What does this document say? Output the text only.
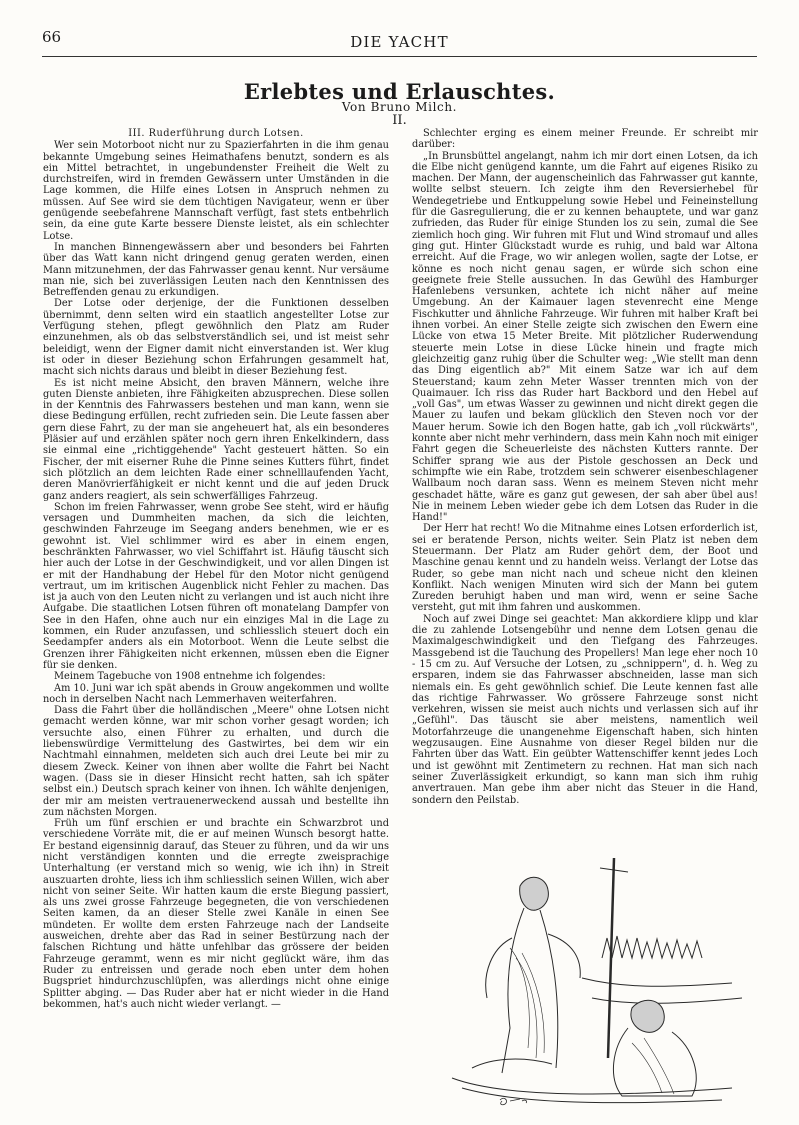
66	DIE YACHT
Erlebtes und Erlauschtes.
Von Bruno Milch.
II.

III. Ruderführung durch Lotsen.

Wer sein Motorboot nicht nur zu Spazierfahrten in die ihm genau bekannte Umgebung seines Heimathafens benutzt, sondern es als ein Mittel betrachtet, in ungebundenster Freiheit die Welt zu durchstreifen, wird in fremden Gewässern unter Umständen in die Lage kommen, die Hilfe eines Lotsen in Anspruch nehmen zu müssen. Auf See wird sie dem tüchtigen Navigateur, wenn er über genügende seebefahrene Mannschaft verfügt, fast stets entbehrlich sein, da eine gute Karte bessere Dienste leistet, als ein schlechter Lotse.

In manchen Binnengewässern aber und besonders bei Fahrten über das Watt kann nicht dringend genug geraten werden, einen Mann mitzunehmen, der das Fahrwasser genau kennt. Nur versäume man nie, sich bei zuverlässigen Leuten nach den Kenntnissen des Betreffenden genau zu erkundigen.

Der Lotse oder derjenige, der die Funktionen desselben übernimmt, denn selten wird ein staatlich angestellter Lotse zur Verfügung stehen, pflegt gewöhnlich den Platz am Ruder einzunehmen, als ob das selbstverständlich sei, und ist meist sehr beleidigt, wenn der Eigner damit nicht einverstanden ist. Wer klug ist oder in dieser Beziehung schon Erfahrungen gesammelt hat, macht sich nichts daraus und bleibt in dieser Beziehung fest.

Es ist nicht meine Absicht, den braven Männern, welche ihre guten Dienste anbieten, ihre Fähigkeiten abzusprechen. Diese sollen in der Kenntnis des Fahrwassers bestehen und man kann, wenn sie diese Bedingung erfüllen, recht zufrieden sein. Die Leute fassen aber gern diese Fahrt, zu der man sie angeheuert hat, als ein besonderes Pläsier auf und erzählen später noch gern ihren Enkelkindern, dass sie einmal eine „richtiggehende" Yacht gesteuert hätten. So ein Fischer, der mit eiserner Ruhe die Pinne seines Kutters führt, findet sich plötzlich an dem leichten Rade einer schnelllaufenden Yacht, deren Manövrierfähigkeit er nicht kennt und die auf jeden Druck ganz anders reagiert, als sein schwerfälliges Fahrzeug.

Schon im freien Fahrwasser, wenn grobe See steht, wird er häufig versagen und Dummheiten machen, da sich die leichten, geschwinden Fahrzeuge im Seegang anders benehmen, wie er es gewohnt ist. Viel schlimmer wird es aber in einem engen, beschränkten Fahrwasser, wo viel Schiffahrt ist. Häufig täuscht sich hier auch der Lotse in der Geschwindigkeit, und vor allen Dingen ist er mit der Handhabung der Hebel für den Motor nicht genügend vertraut, um im kritischen Augenblick nicht Fehler zu machen. Das ist ja auch von den Leuten nicht zu verlangen und ist auch nicht ihre Aufgabe. Die staatlichen Lotsen führen oft monatelang Dampfer von See in den Hafen, ohne auch nur ein einziges Mal in die Lage zu kommen, ein Ruder anzufassen, und schliesslich steuert doch ein Seedampfer anders als ein Motorboot. Wenn die Leute selbst die Grenzen ihrer Fähigkeiten nicht erkennen, müssen eben die Eigner für sie denken.

Meinem Tagebuche von 1908 entnehme ich folgendes:

Am 10. Juni war ich spät abends in Grouw angekommen und wollte noch in derselben Nacht nach Lemmerhaven weiterfahren.

Dass die Fahrt über die holländischen „Meere" ohne Lotsen nicht gemacht werden könne, war mir schon vorher gesagt worden; ich versuchte also, einen Führer zu erhalten, und durch die liebenswürdige Vermittelung des Gastwirtes, bei dem wir ein Nachtmahl einnahmen, meldeten sich auch drei Leute bei mir zu diesem Zweck. Keiner von ihnen aber wollte die Fahrt bei Nacht wagen. (Dass sie in dieser Hinsicht recht hatten, sah ich später selbst ein.) Deutsch sprach keiner von ihnen. Ich wählte denjenigen, der mir am meisten vertrauenerweckend aussah und bestellte ihn zum nächsten Morgen.

Früh um fünf erschien er und brachte ein Schwarzbrot und verschiedene Vorräte mit, die er auf meinen Wunsch besorgt hatte. Er bestand eigensinnig darauf, das Steuer zu führen, und da wir uns nicht verständigen konnten und die erregte zweisprachige Unterhaltung (er verstand mich so wenig, wie ich ihn) in Streit auszuarten drohte, liess ich ihm schliesslich seinen Willen, wich aber nicht von seiner Seite. Wir hatten kaum die erste Biegung passiert, als uns zwei grosse Fahrzeuge begegneten, die von verschiedenen Seiten kamen, da an dieser Stelle zwei Kanäle in einen See mündeten. Er wollte dem ersten Fahrzeuge nach der Landseite ausweichen, drehte aber das Rad in seiner Bestürzung nach der falschen Richtung und hätte unfehlbar das grössere der beiden Fahrzeuge gerammt, wenn es mir nicht geglückt wäre, ihm das Ruder zu entreissen und gerade noch eben unter dem hohen Bugspriet hindurchzuschlüpfen, was allerdings nicht ohne einige Splitter abging. — Das Ruder aber hat er nicht wieder in die Hand bekommen, hat's auch nicht wieder verlangt. —

Schlechter erging es einem meiner Freunde. Er schreibt mir darüber:

„In Brunsbüttel angelangt, nahm ich mir dort einen Lotsen, da ich die Elbe nicht genügend kannte, um die Fahrt auf eigenes Risiko zu machen. Der Mann, der augenscheinlich das Fahrwasser gut kannte, wollte selbst steuern. Ich zeigte ihm den Reversierhebel für Wendegetriebe und Entkuppelung sowie Hebel und Feineinstellung für die Gasregulierung, die er zu kennen behauptete, und war ganz zufrieden, das Ruder für einige Stunden los zu sein, zumal die See ziemlich hoch ging. Wir fuhren mit Flut und Wind stromauf und alles ging gut. Hinter Glückstadt wurde es ruhig, und bald war Altona erreicht. Auf die Frage, wo wir anlegen wollen, sagte der Lotse, er könne es noch nicht genau sagen, er würde sich schon eine geeignete freie Stelle aussuchen. In das Gewühl des Hamburger Hafenlebens versunken, achtete ich nicht näher auf meine Umgebung. An der Kaimauer lagen stevenrecht eine Menge Fischkutter und ähnliche Fahrzeuge. Wir fuhren mit halber Kraft bei ihnen vorbei. An einer Stelle zeigte sich zwischen den Ewern eine Lücke von etwa 15 Meter Breite. Mit plötzlicher Ruderwendung steuerte mein Lotse in diese Lücke hinein und fragte mich gleichzeitig ganz ruhig über die Schulter weg: „Wie stellt man denn das Ding eigentlich ab?" Mit einem Satze war ich auf dem Steuerstand; kaum zehn Meter Wasser trennten mich von der Quaimauer. Ich riss das Ruder hart Backbord und den Hebel auf „voll Gas", um etwas Wasser zu gewinnen und nicht direkt gegen die Mauer zu laufen und bekam glücklich den Steven noch vor der Mauer herum. Sowie ich den Bogen hatte, gab ich „voll rückwärts", konnte aber nicht mehr verhindern, dass mein Kahn noch mit einiger Fahrt gegen die Scheuerleiste des nächsten Kutters rannte. Der Schiffer sprang wie aus der Pistole geschossen an Deck und schimpfte wie ein Rabe, trotzdem sein schwerer eisenbeschlagener Wallbaum noch daran sass. Wenn es meinem Steven nicht mehr geschadet hätte, wäre es ganz gut gewesen, der sah aber übel aus! Nie in meinem Leben wieder gebe ich dem Lotsen das Ruder in die Hand!"

Der Herr hat recht! Wo die Mitnahme eines Lotsen erforderlich ist, sei er beratende Person, nichts weiter. Sein Platz ist neben dem Steuermann. Der Platz am Ruder gehört dem, der Boot und Maschine genau kennt und zu handeln weiss. Verlangt der Lotse das Ruder, so gebe man nicht nach und scheue nicht den kleinen Konflikt. Nach wenigen Minuten wird sich der Mann bei gutem Zureden beruhigt haben und man wird, wenn er seine Sache versteht, gut mit ihm fahren und auskommen.

Noch auf zwei Dinge sei geachtet: Man akkordiere klipp und klar die zu zahlende Lotsengebühr und nenne dem Lotsen genau die Maximalgeschwindigkeit und den Tiefgang des Fahrzeuges. Massgebend ist die Tauchung des Propellers! Man lege eher noch 10 - 15 cm zu. Auf Versuche der Lotsen, zu „schnippern", d. h. Weg zu ersparen, indem sie das Fahrwasser abschneiden, lasse man sich niemals ein. Es geht gewöhnlich schief. Die Leute kennen fast alle das richtige Fahrwasser. Wo grössere Fahrzeuge sonst nicht verkehren, wissen sie meist auch nichts und verlassen sich auf ihr „Gefühl". Das täuscht sie aber meistens, namentlich weil Motorfahrzeuge die unangenehme Eigenschaft haben, sich hinten wegzusaugen. Eine Ausnahme von dieser Regel bilden nur die Fahrten über das Watt. Ein geübter Wattenschiffer kennt jedes Loch und ist gewöhnt mit Zentimetern zu rechnen. Hat man sich nach seiner Zuverlässigkeit erkundigt, so kann man sich ihm ruhig anvertrauen. Man gebe ihm aber nicht das Steuer in die Hand, sondern den Peilstab.
